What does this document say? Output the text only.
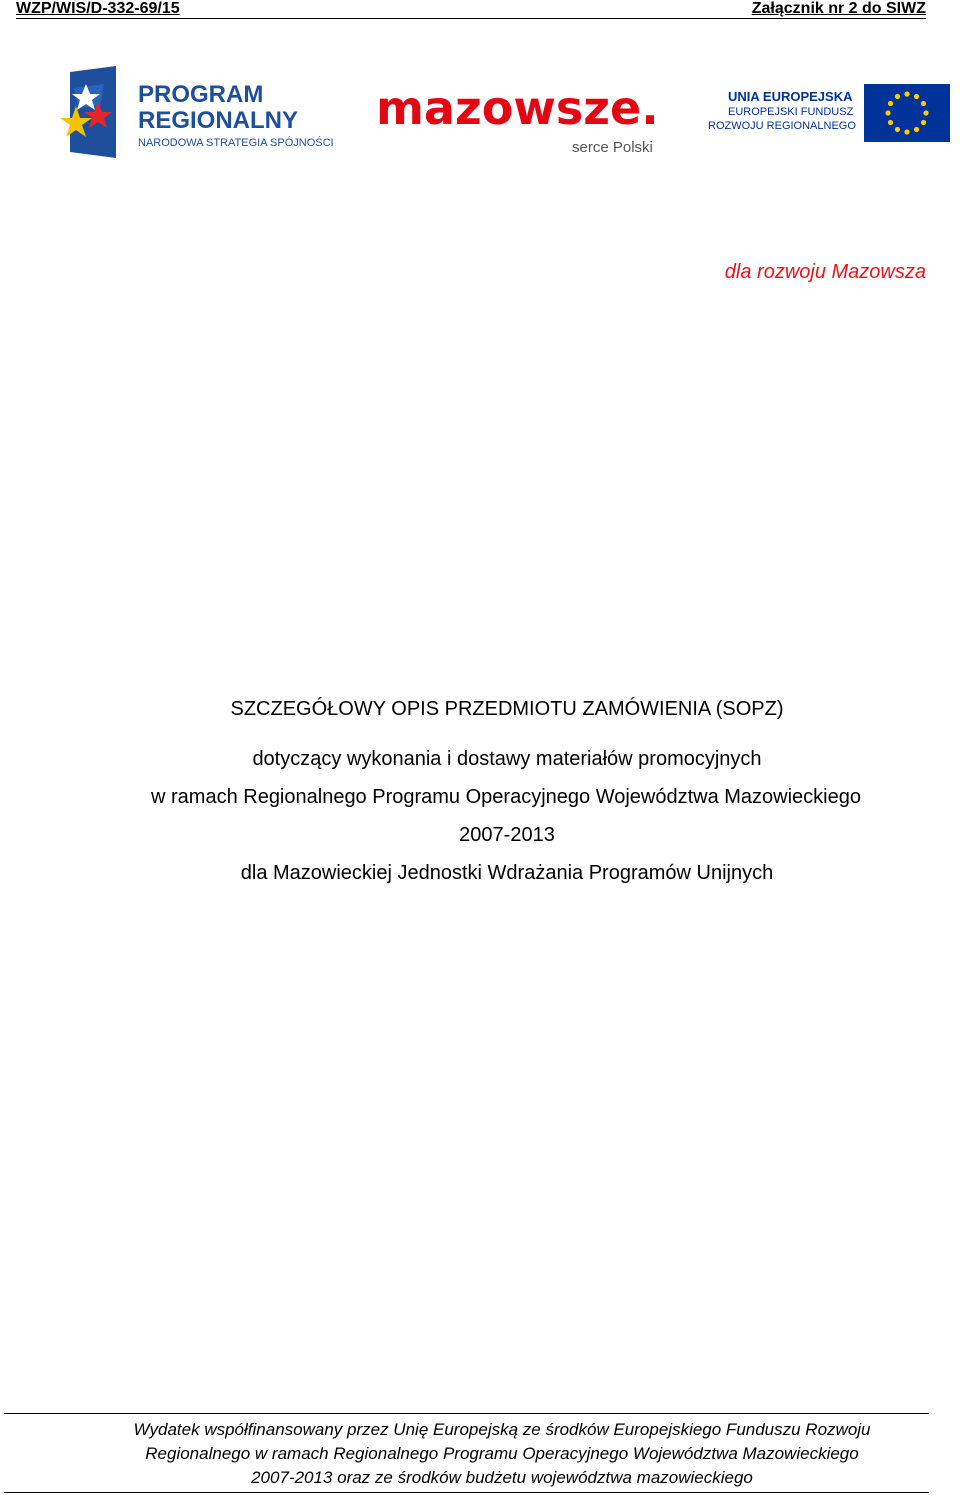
WZP/WIS/D-332-69/15	Załącznik nr 2 do SIWZ
PROGRAM
REGIONALNY
NARODOWA STRATEGIA SPÓJNOŚCI
mazowsze.
serce Polski
UNIA EUROPEJSKA
EUROPEJSKI FUNDUSZ
ROZWOJU REGIONALNEGO
dla rozwoju Mazowsza
SZCZEGÓŁOWY OPIS PRZEDMIOTU ZAMÓWIENIA (SOPZ)
dotyczący wykonania i dostawy materiałów promocyjnych
w ramach Regionalnego Programu Operacyjnego Województwa Mazowieckiego
2007-2013
dla Mazowieckiej Jednostki Wdrażania Programów Unijnych
Wydatek współfinansowany przez Unię Europejską ze środków Europejskiego Funduszu Rozwoju
Regionalnego w ramach Regionalnego Programu Operacyjnego Województwa Mazowieckiego
2007-2013 oraz ze środków budżetu województwa mazowieckiego
